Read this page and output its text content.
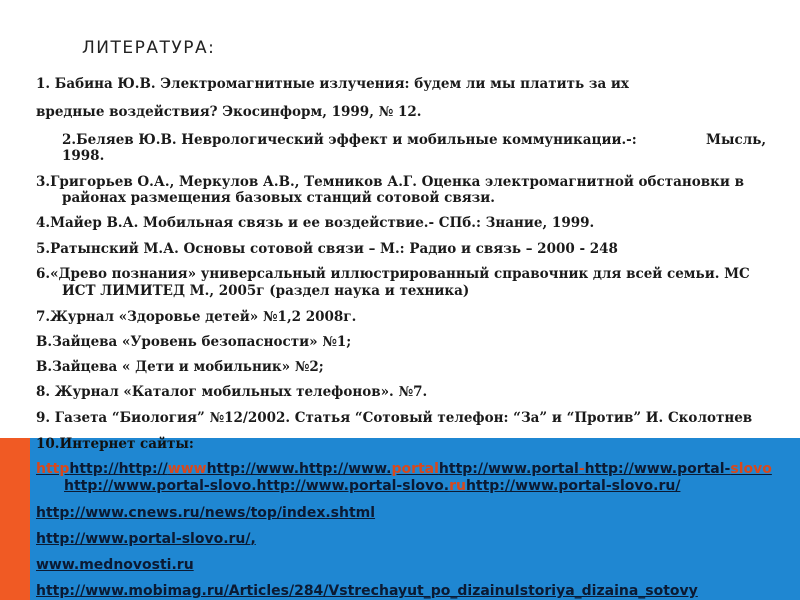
ЛИТЕРАТУРА:
1. Бабина Ю.В. Электромагнитные излучения: будем ли мы платить за их
вредные воздействия? Экосинформ, 1999, № 12.
2.Беляев Ю.В. Неврологический эффект и мобильные коммуникации.-:	Мысль,
1998.
3.Григорьев О.А., Меркулов А.В., Темников А.Г. Оценка электромагнитной обстановки в
районах размещения базовых станций сотовой связи.
4.Майер В.А. Мобильная связь и ее воздействие.- СПб.: Знание, 1999.
5.Ратынский М.А. Основы сотовой связи – М.: Радио и связь – 2000 - 248
6.«Древо познания» универсальный иллюстрированный справочник для всей семьи. МС
ИСТ ЛИМИТЕД М., 2005г (раздел наука и техника)
7.Журнал «Здоровье детей» №1,2 2008г.
В.Зайцева «Уровень безопасности» №1;
В.Зайцева « Дети и мобильник» №2;
8. Журнал «Каталог мобильных телефонов». №7.
9. Газета “Биология” №12/2002. Статья “Сотовый телефон: “За” и “Против” И. Сколотнев
10.Интернет сайты:
httphttp://http://wwwhttp://www.http://www.portalhttp://www.portal-http://www.portal-slovo
http://www.portal-slovo.http://www.portal-slovo.ruhttp://www.portal-slovo.ru/
http://www.cnews.ru/news/top/index.shtml
http://www.portal-slovo.ru/,
www.mednovosti.ru
http://www.mobimag.ru/Articles/284/Vstrechayut_po_dizainuIstoriya_dizaina_sotovy
